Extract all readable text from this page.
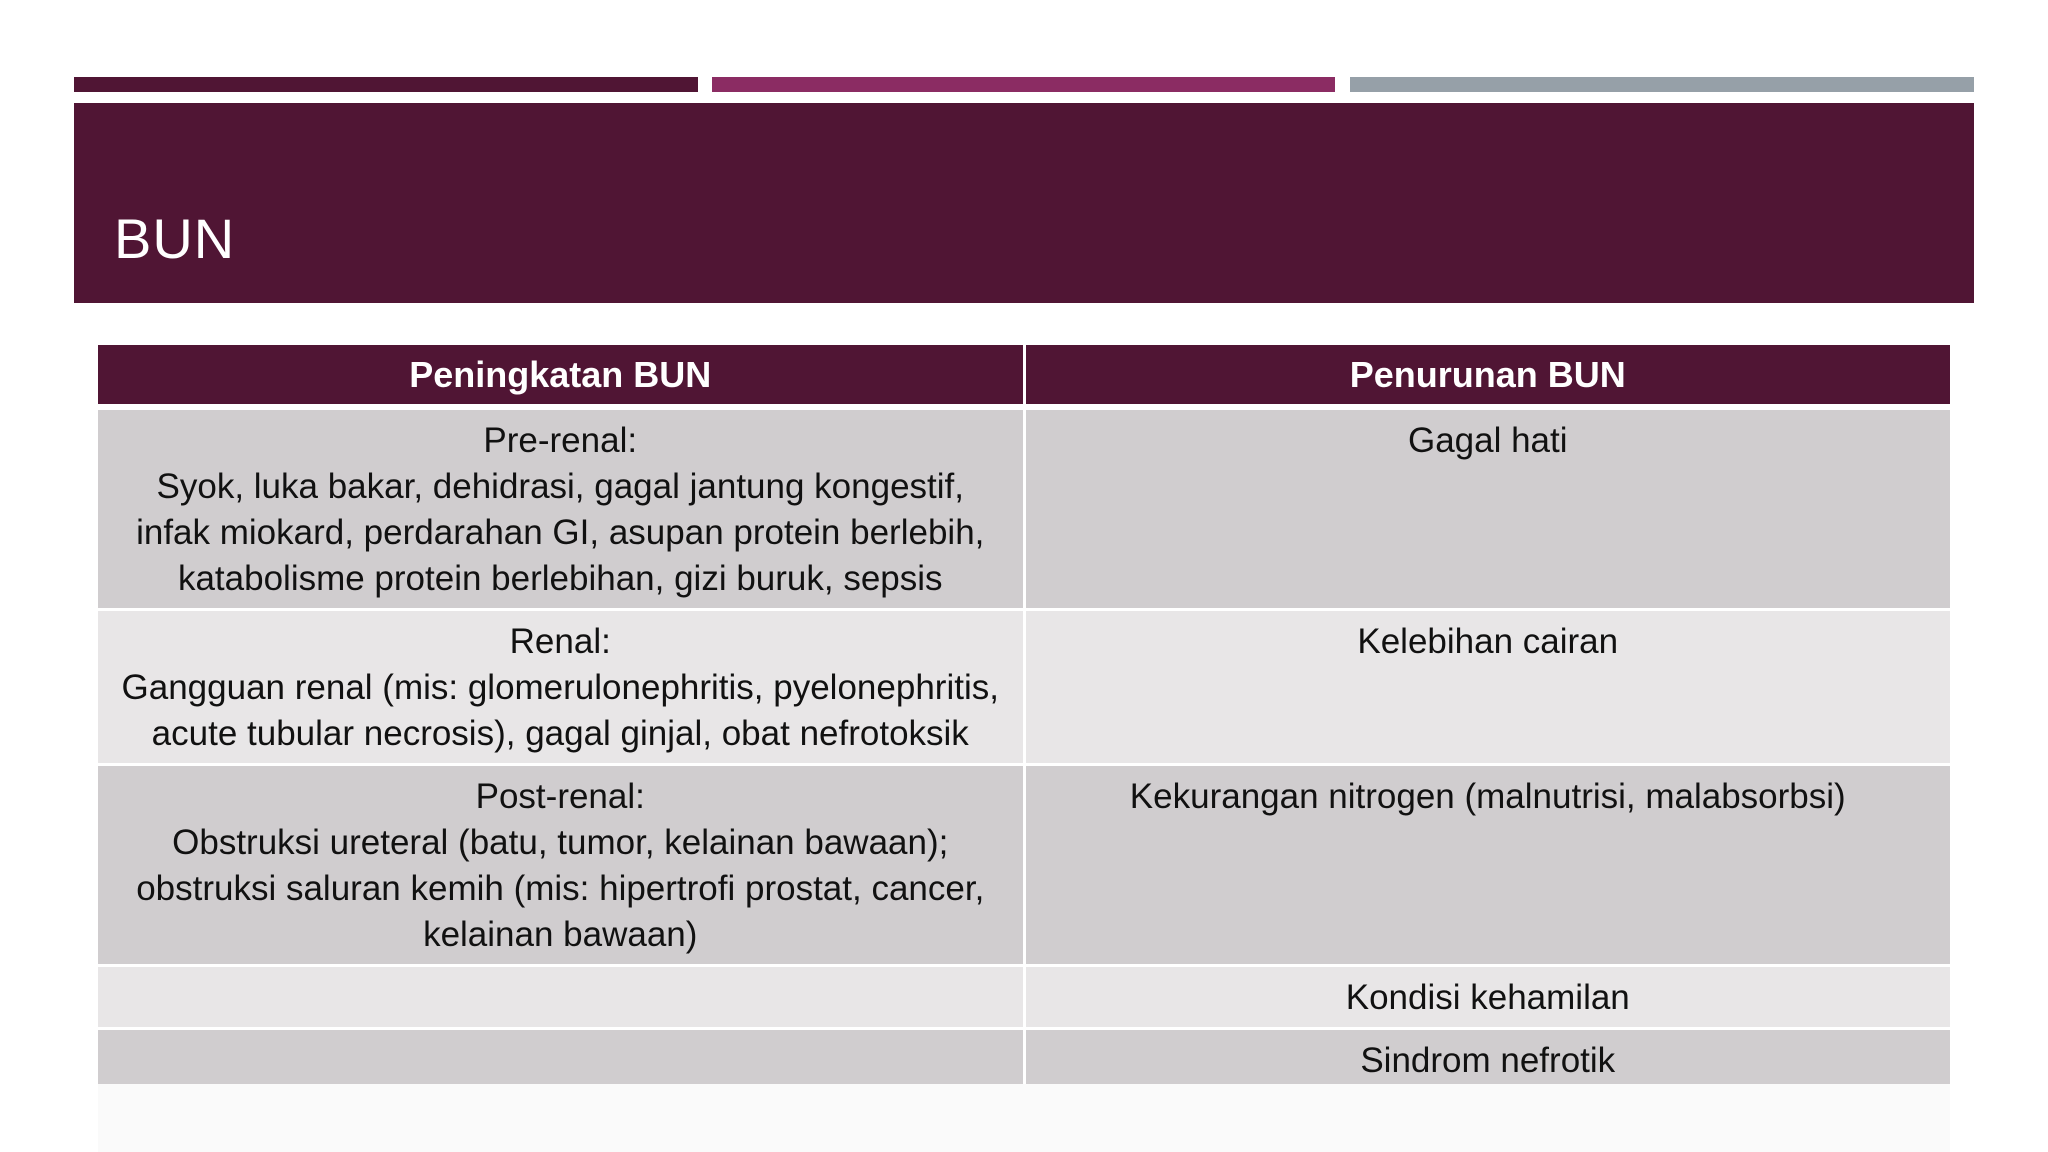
BUN
Peningkatan BUN	Penurunan BUN

Pre-renal:
Syok, luka bakar, dehidrasi, gagal jantung kongestif, infak miokard, perdarahan GI, asupan protein berlebih, katabolisme protein berlebihan, gizi buruk, sepsis	Gagal hati

Renal:
Gangguan renal (mis: glomerulonephritis, pyelonephritis, acute tubular necrosis), gagal ginjal, obat nefrotoksik	Kelebihan cairan

Post-renal:
Obstruksi ureteral (batu, tumor, kelainan bawaan); obstruksi saluran kemih (mis: hipertrofi prostat, cancer, kelainan bawaan)	Kekurangan nitrogen (malnutrisi, malabsorbsi)

	Kondisi kehamilan

	Sindrom nefrotik
